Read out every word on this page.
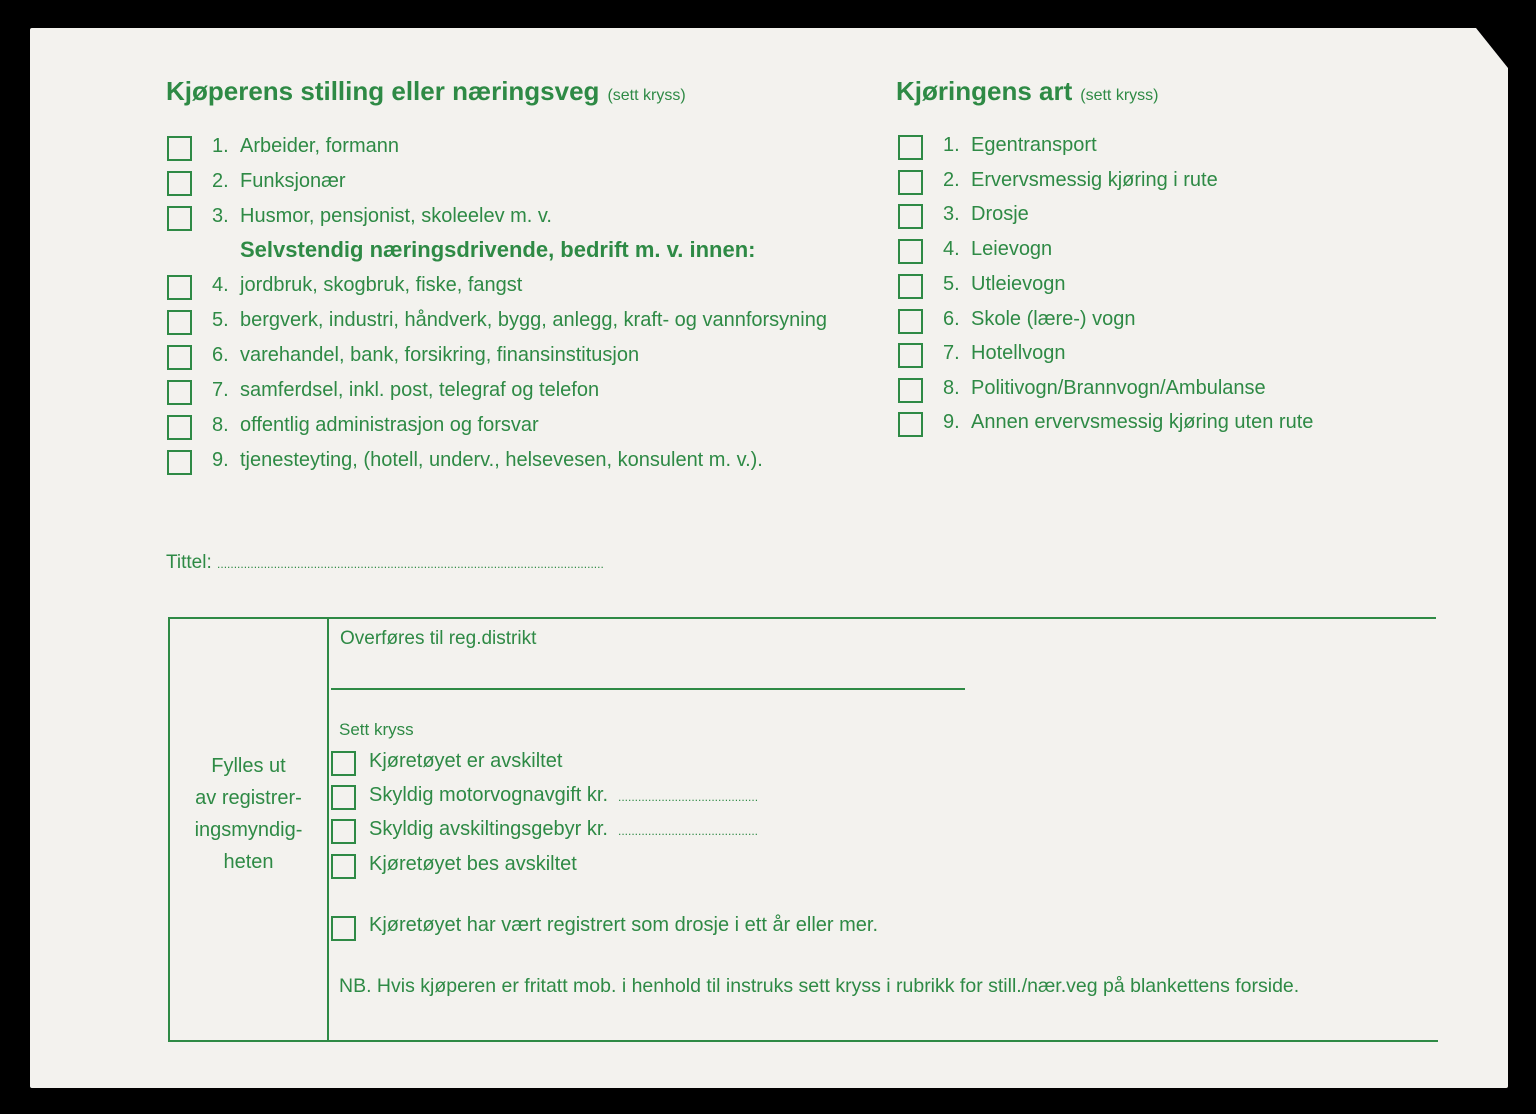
Kjøperens stilling eller næringsveg (sett kryss)
1. Arbeider, formann
2. Funksjonær
3. Husmor, pensjonist, skoleelev m. v.
Selvstendig næringsdrivende, bedrift m. v. innen:
4. jordbruk, skogbruk, fiske, fangst
5. bergverk, industri, håndverk, bygg, anlegg, kraft- og vannforsyning
6. varehandel, bank, forsikring, finansinstitusjon
7. samferdsel, inkl. post, telegraf og telefon
8. offentlig administrasjon og forsvar
9. tjenesteyting, (hotell, underv., helsevesen, konsulent m. v.).
Tittel: ....................................................................................................................
Kjøringens art (sett kryss)
1. Egentransport
2. Ervervsmessig kjøring i rute
3. Drosje
4. Leievogn
5. Utleievogn
6. Skole (lære-) vogn
7. Hotellvogn
8. Politivogn/Brannvogn/Ambulanse
9. Annen ervervsmessig kjøring uten rute
Fylles ut
av registrer-
ingsmyndig-
heten
Overføres til reg.distrikt
Sett kryss
Kjøretøyet er avskiltet
Skyldig motorvognavgift kr. ..........................................
Skyldig avskiltingsgebyr kr. ..........................................
Kjøretøyet bes avskiltet
Kjøretøyet har vært registrert som drosje i ett år eller mer.
NB. Hvis kjøperen er fritatt mob. i henhold til instruks sett kryss i rubrikk for still./nær.veg på blankettens forside.
